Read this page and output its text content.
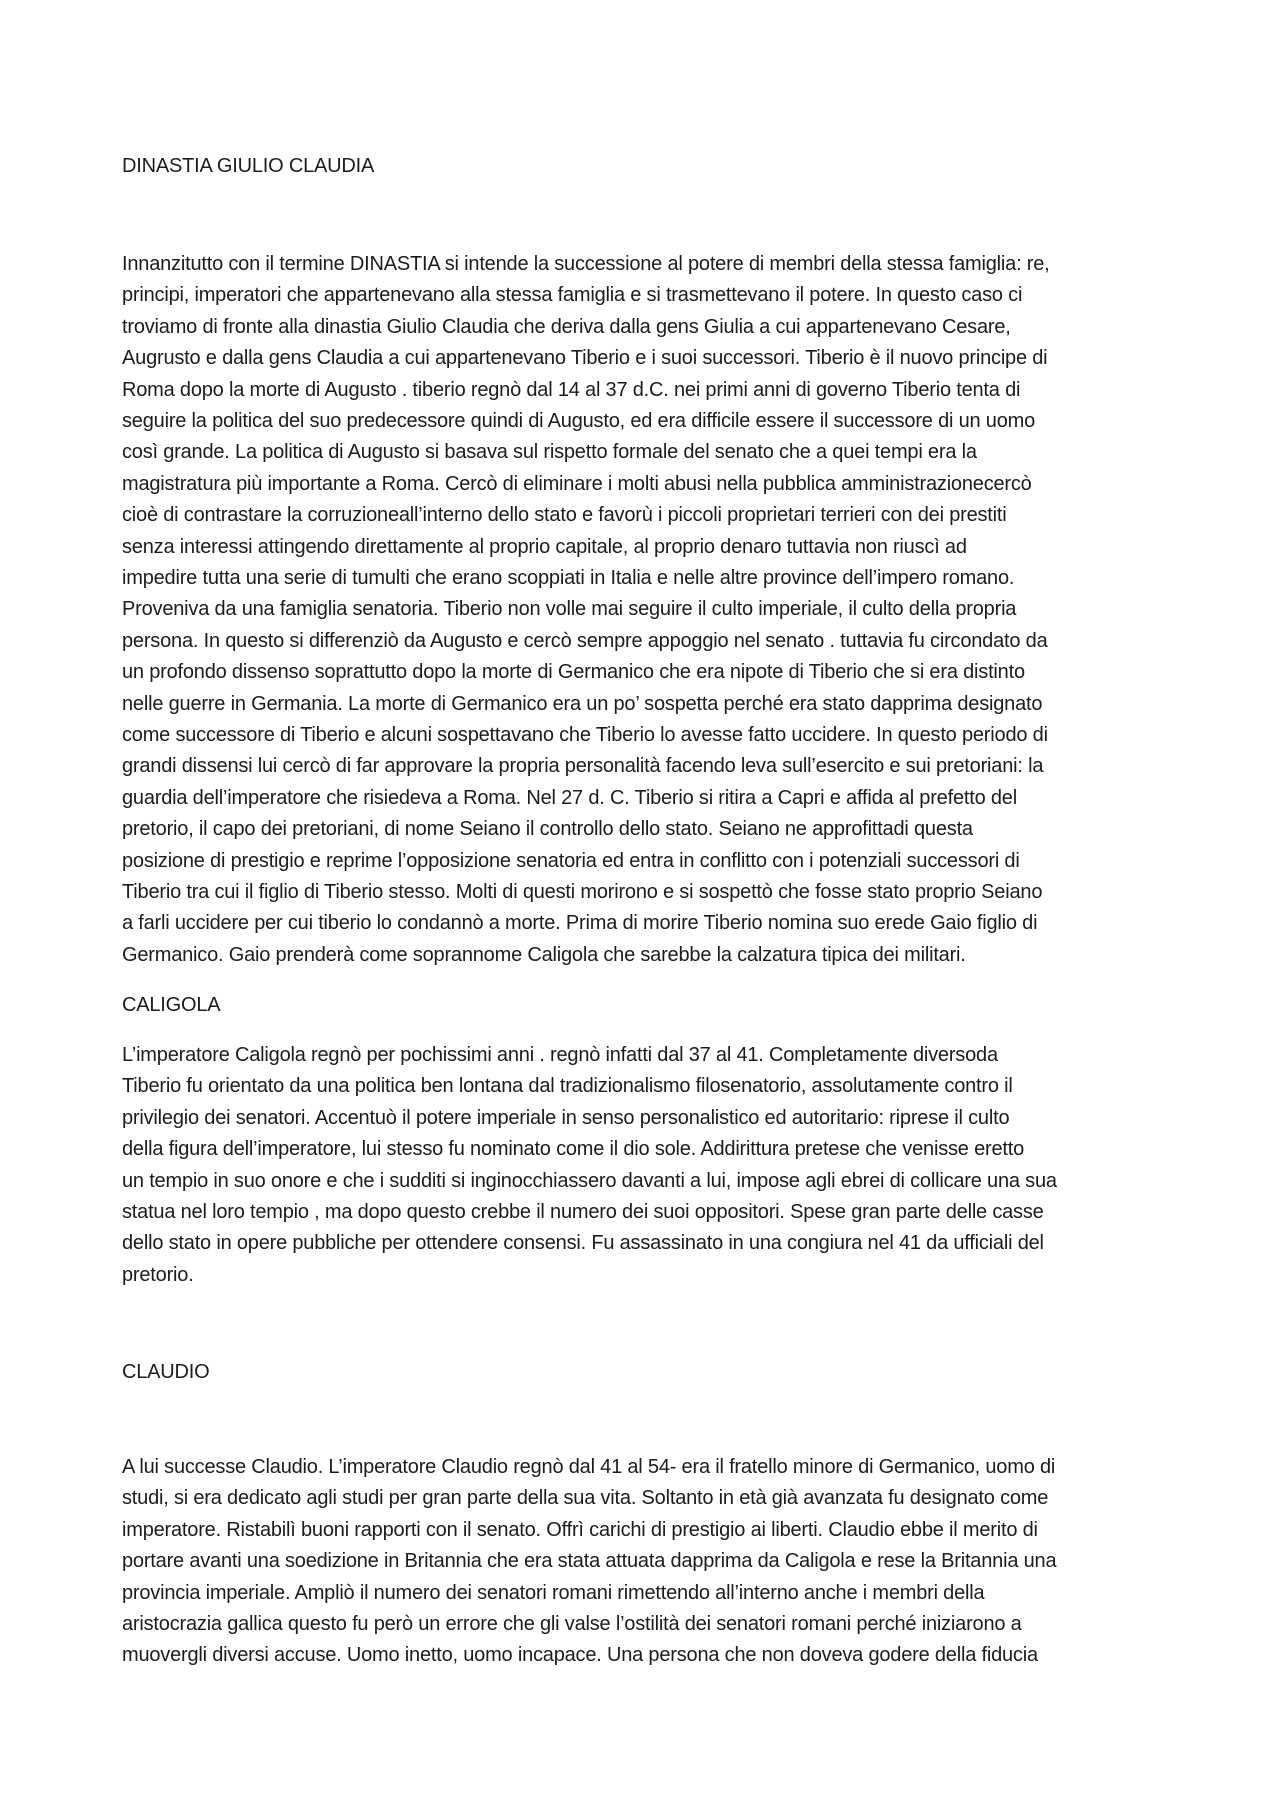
DINASTIA GIULIO CLAUDIA
Innanzitutto con il termine DINASTIA si intende la successione al potere di membri della stessa famiglia: re,
principi, imperatori che appartenevano alla stessa famiglia e si trasmettevano il potere. In questo caso ci
troviamo di fronte alla dinastia Giulio Claudia che deriva dalla gens Giulia a cui appartenevano Cesare,
Augrusto e dalla gens Claudia a cui appartenevano Tiberio e i suoi successori. Tiberio è il nuovo principe di
Roma dopo la morte di Augusto . tiberio regnò dal 14 al 37 d.C. nei primi anni di governo Tiberio tenta di
seguire la politica del suo predecessore quindi di Augusto, ed era difficile essere il successore di un uomo
così grande. La politica di Augusto si basava sul rispetto formale del senato che a quei tempi era la
magistratura più importante a Roma. Cercò di eliminare i molti abusi nella pubblica amministrazionecercò
cioè di contrastare la corruzioneall’interno dello stato e favorù i piccoli proprietari terrieri con dei prestiti
senza interessi attingendo direttamente al proprio capitale, al proprio denaro tuttavia non riuscì ad
impedire tutta una serie di tumulti che erano scoppiati in Italia e nelle altre province dell’impero romano.
Proveniva da una famiglia senatoria. Tiberio non volle mai seguire il culto imperiale, il culto della propria
persona. In questo si differenziò da Augusto e cercò sempre appoggio nel senato . tuttavia fu circondato da
un profondo dissenso soprattutto dopo la morte di Germanico che era nipote di Tiberio che si era distinto
nelle guerre in Germania. La morte di Germanico era un po’ sospetta perché era stato dapprima designato
come successore di Tiberio e alcuni sospettavano che Tiberio lo avesse fatto uccidere. In questo periodo di
grandi dissensi lui cercò di far approvare la propria personalità facendo leva sull’esercito e sui pretoriani: la
guardia dell’imperatore che risiedeva a Roma. Nel 27 d. C. Tiberio si ritira a Capri e affida al prefetto del
pretorio, il capo dei pretoriani, di nome Seiano il controllo dello stato. Seiano ne approfittadi questa
posizione di prestigio e reprime l’opposizione senatoria ed entra in conflitto con i potenziali successori di
Tiberio tra cui il figlio di Tiberio stesso. Molti di questi morirono e si sospettò che fosse stato proprio Seiano
a farli uccidere per cui tiberio lo condannò a morte. Prima di morire Tiberio nomina suo erede Gaio figlio di
Germanico. Gaio prenderà come soprannome Caligola che sarebbe la calzatura tipica dei militari.
CALIGOLA
L’imperatore Caligola regnò per pochissimi anni . regnò infatti dal 37 al 41. Completamente diversoda
Tiberio fu orientato da una politica ben lontana dal tradizionalismo filosenatorio, assolutamente contro il
privilegio dei senatori. Accentuò il potere imperiale in senso personalistico ed autoritario: riprese il culto
della figura dell’imperatore, lui stesso fu nominato come il dio sole. Addirittura pretese che venisse eretto
un tempio in suo onore e che i sudditi si inginocchiassero davanti a lui, impose agli ebrei di collicare una sua
statua nel loro tempio , ma dopo questo crebbe il numero dei suoi oppositori. Spese gran parte delle casse
dello stato in opere pubbliche per ottendere consensi. Fu assassinato in una congiura nel 41 da ufficiali del
pretorio.
CLAUDIO
A lui successe Claudio. L’imperatore Claudio regnò dal 41 al 54- era il fratello minore di Germanico, uomo di
studi, si era dedicato agli studi per gran parte della sua vita. Soltanto in età già avanzata fu designato come
imperatore. Ristabilì buoni rapporti con il senato. Offrì carichi di prestigio ai liberti. Claudio ebbe il merito di
portare avanti una soedizione in Britannia che era stata attuata dapprima da Caligola e rese la Britannia una
provincia imperiale. Ampliò il numero dei senatori romani rimettendo all’interno anche i membri della
aristocrazia gallica questo fu però un errore che gli valse l’ostilità dei senatori romani perché iniziarono a
muovergli diversi accuse. Uomo inetto, uomo incapace. Una persona che non doveva godere della fiducia
